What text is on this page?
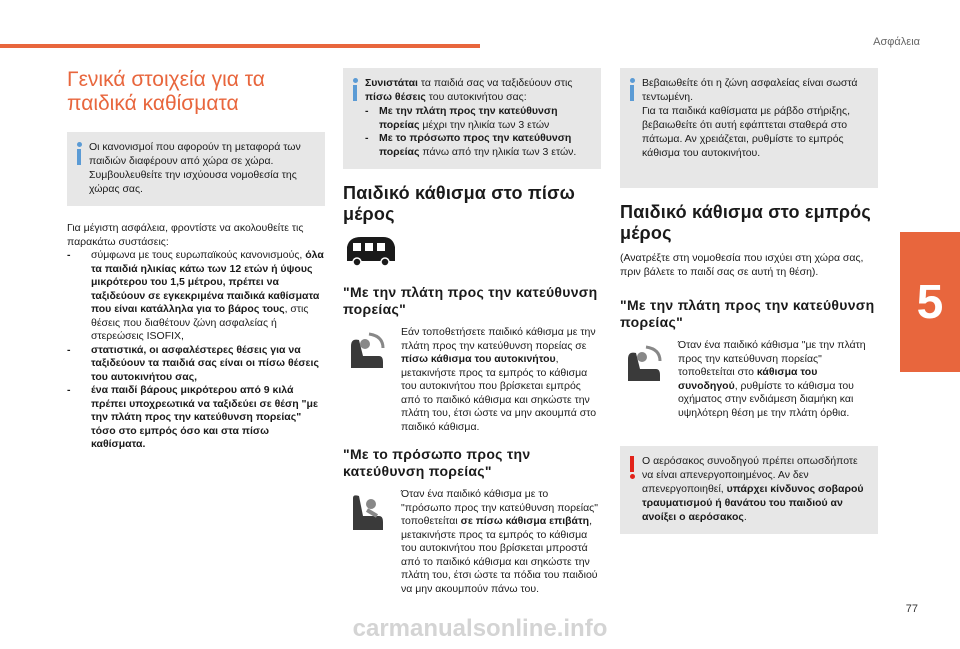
Ασφάλεια
5
Γενικά στοιχεία για τα παιδικά καθίσματα

Οι κανονισμοί που αφορούν τη μεταφορά των παιδιών διαφέρουν από χώρα σε χώρα. Συμβουλευθείτε την ισχύουσα νομοθεσία της χώρας σας.

Για μέγιστη ασφάλεια, φροντίστε να ακολουθείτε τις παρακάτω συστάσεις:

- σύμφωνα με τους ευρωπαϊκούς κανονισμούς, όλα τα παιδιά ηλικίας κάτω των 12 ετών ή ύψους μικρότερου του 1,5 μέτρου, πρέπει να ταξιδεύουν σε εγκεκριμένα παιδικά καθίσματα που είναι κατάλληλα για το βάρος τους, στις θέσεις που διαθέτουν ζώνη ασφαλείας ή στερεώσεις ISOFIX,
- στατιστικά, οι ασφαλέστερες θέσεις για να ταξιδεύουν τα παιδιά σας είναι οι πίσω θέσεις του αυτοκινήτου σας,
- ένα παιδί βάρους μικρότερου από 9 κιλά πρέπει υποχρεωτικά να ταξιδεύει σε θέση "με την πλάτη προς την κατεύθυνση πορείας" τόσο στο εμπρός όσο και στα πίσω καθίσματα.

Συνιστάται τα παιδιά σας να ταξιδεύουν στις πίσω θέσεις του αυτοκινήτου σας:

- Με την πλάτη προς την κατεύθυνση πορείας μέχρι την ηλικία των 3 ετών
- Με το πρόσωπο προς την κατεύθυνση πορείας πάνω από την ηλικία των 3 ετών.
Παιδικό κάθισμα στο πίσω μέρος
"Με την πλάτη προς την κατεύθυνση πορείας"

Εάν τοποθετήσετε παιδικό κάθισμα με την πλάτη προς την κατεύθυνση πορείας σε πίσω κάθισμα του αυτοκινήτου, μετακινήστε προς τα εμπρός το κάθισμα του αυτοκινήτου που βρίσκεται εμπρός από το παιδικό κάθισμα και σηκώστε την πλάτη του, έτσι ώστε να μην ακουμπά στο παιδικό κάθισμα.

"Με το πρόσωπο προς την κατεύθυνση πορείας"

Όταν ένα παιδικό κάθισμα με το "πρόσωπο προς την κατεύθυνση πορείας" τοποθετείται σε πίσω κάθισμα επιβάτη, μετακινήστε προς τα εμπρός το κάθισμα του αυτοκινήτου που βρίσκεται μπροστά από το παιδικό κάθισμα και σηκώστε την πλάτη του, έτσι ώστε τα πόδια του παιδιού να μην ακουμπούν πάνω του.

Βεβαιωθείτε ότι η ζώνη ασφαλείας είναι σωστά τεντωμένη.
Για τα παιδικά καθίσματα με ράβδο στήριξης, βεβαιωθείτε ότι αυτή εφάπτεται σταθερά στο πάτωμα. Αν χρειάζεται, ρυθμίστε το εμπρός κάθισμα του αυτοκινήτου.

Παιδικό κάθισμα στο εμπρός μέρος

(Ανατρέξτε στη νομοθεσία που ισχύει στη χώρα σας, πριν βάλετε το παιδί σας σε αυτή τη θέση).

"Με την πλάτη προς την κατεύθυνση πορείας"

Όταν ένα παιδικό κάθισμα "με την πλάτη προς την κατεύθυνση πορείας" τοποθετείται στο κάθισμα του συνοδηγού, ρυθμίστε το κάθισμα του οχήματος στην ενδιάμεση διαμήκη και υψηλότερη θέση με την πλάτη όρθια.

Ο αερόσακος συνοδηγού πρέπει οπωσδήποτε να είναι απενεργοποιημένος. Αν δεν απενεργοποιηθεί, υπάρχει κίνδυνος σοβαρού τραυματισμού ή θανάτου του παιδιού αν ανοίξει ο αερόσακος.

77
carmanualsonline.info
